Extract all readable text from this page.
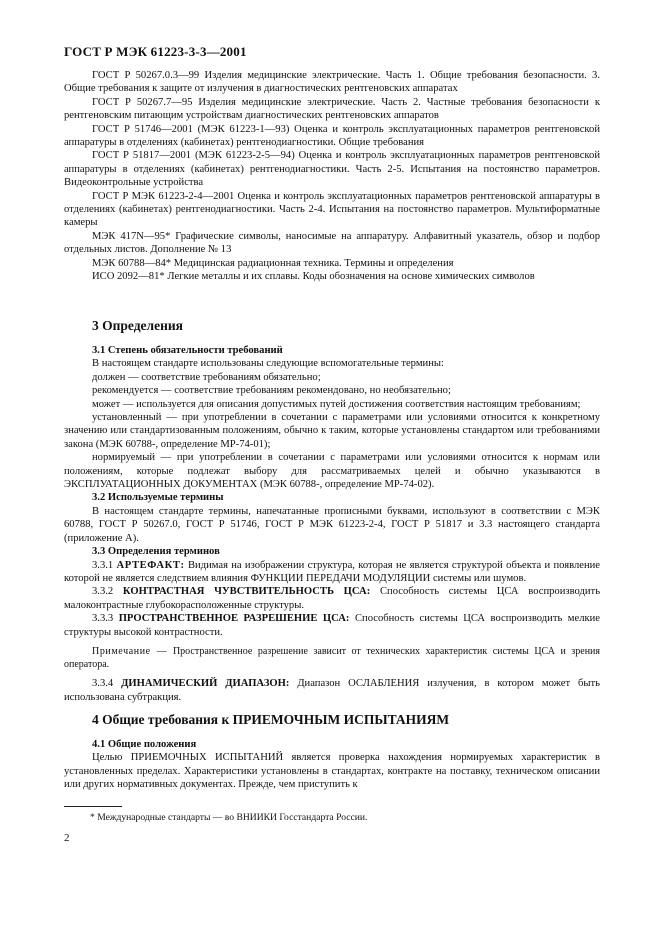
ГОСТ Р МЭК 61223-3-3—2001

ГОСТ Р 50267.0.3—99 Изделия медицинские электрические. Часть 1. Общие требования безопасности. 3. Общие требования к защите от излучения в диагностических рентгеновских аппаратах

ГОСТ Р 50267.7—95 Изделия медицинские электрические. Часть 2. Частные требования безопасности к рентгеновским питающим устройствам диагностических рентгеновских аппаратов

ГОСТ Р 51746—2001 (МЭК 61223-1—93) Оценка и контроль эксплуатационных параметров рентгеновской аппаратуры в отделениях (кабинетах) рентгенодиагностики. Общие требования

ГОСТ Р 51817—2001 (МЭК 61223-2-5—94) Оценка и контроль эксплуатационных параметров рентгеновской аппаратуры в отделениях (кабинетах) рентгенодиагностики. Часть 2-5. Испытания на постоянство параметров. Видеоконтрольные устройства

ГОСТ Р МЭК 61223-2-4—2001 Оценка и контроль эксплуатационных параметров рентгеновской аппаратуры в отделениях (кабинетах) рентгенодиагностики. Часть 2-4. Испытания на постоянство параметров. Мультиформатные камеры

МЭК 417N—95* Графические символы, наносимые на аппаратуру. Алфавитный указатель, обзор и подбор отдельных листов. Дополнение № 13

МЭК 60788—84* Медицинская радиационная техника. Термины и определения

ИСО 2092—81* Легкие металлы и их сплавы. Коды обозначения на основе химических символов

3 Определения
3.1 Степень обязательности требований

В настоящем стандарте использованы следующие вспомогательные термины:

должен — соответствие требованиям обязательно;

рекомендуется — соответствие требованиям рекомендовано, но необязательно;

может — используется для описания допустимых путей достижения соответствия настоящим требованиям;

установленный — при употреблении в сочетании с параметрами или условиями относится к конкретному значению или стандартизованным положениям, обычно к таким, которые установлены стандартом или требованиями закона (МЭК 60788-, определение МР-74-01);

нормируемый — при употреблении в сочетании с параметрами или условиями относится к нормам или положениям, которые подлежат выбору для рассматриваемых целей и обычно указываются в ЭКСПЛУАТАЦИОННЫХ ДОКУМЕНТАХ (МЭК 60788-, определение МР-74-02).

3.2 Используемые термины

В настоящем стандарте термины, напечатанные прописными буквами, используют в соответствии с МЭК 60788, ГОСТ Р 50267.0, ГОСТ Р 51746, ГОСТ Р МЭК 61223-2-4, ГОСТ Р 51817 и 3.3 настоящего стандарта (приложение А).

3.3 Определения терминов

3.3.1 АРТЕФАКТ: Видимая на изображении структура, которая не является структурой объекта и появление которой не является следствием влияния ФУНКЦИИ ПЕРЕДАЧИ МОДУЛЯЦИИ системы или шумов.

3.3.2 КОНТРАСТНАЯ ЧУВСТВИТЕЛЬНОСТЬ ЦСА: Способность системы ЦСА воспроизводить малоконтрастные глубокорасположенные структуры.

3.3.3 ПРОСТРАНСТВЕННОЕ РАЗРЕШЕНИЕ ЦСА: Способность системы ЦСА воспроизводить мелкие структуры высокой контрастности.

Примечание — Пространственное разрешение зависит от технических характеристик системы ЦСА и зрения оператора.

3.3.4 ДИНАМИЧЕСКИЙ ДИАПАЗОН: Диапазон ОСЛАБЛЕНИЯ излучения, в котором может быть использована субтракция.

4 Общие требования к ПРИЕМОЧНЫМ ИСПЫТАНИЯМ
4.1 Общие положения

Целью ПРИЕМОЧНЫХ ИСПЫТАНИЙ является проверка нахождения нормируемых характеристик в установленных пределах. Характеристики установлены в стандартах, контракте на поставку, техническом описании или других нормативных документах. Прежде, чем приступить к

* Международные стандарты — во ВНИИКИ Госстандарта России.
2
